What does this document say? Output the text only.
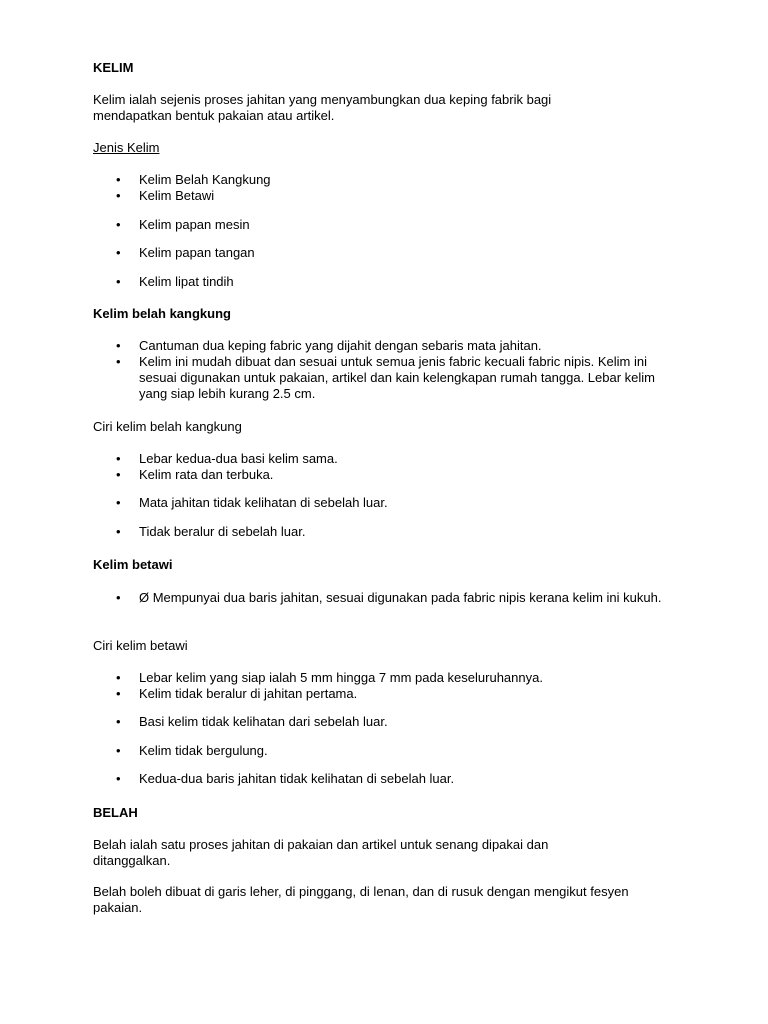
KELIM

Kelim ialah sejenis proses jahitan yang menyambungkan dua keping fabrik bagi mendapatkan bentuk pakaian atau artikel.

Jenis Kelim

• Kelim Belah Kangkung

• Kelim Betawi

• Kelim papan mesin

• Kelim papan tangan

• Kelim lipat tindih

Kelim belah kangkung

• Cantuman dua keping fabric yang dijahit dengan sebaris mata jahitan.

• Kelim ini mudah dibuat dan sesuai untuk semua jenis fabric kecuali fabric nipis. Kelim ini sesuai digunakan untuk pakaian, artikel dan kain kelengkapan rumah tangga. Lebar kelim yang siap lebih kurang 2.5 cm.

Ciri kelim belah kangkung

• Lebar kedua-dua basi kelim sama.

• Kelim rata dan terbuka.

• Mata jahitan tidak kelihatan di sebelah luar.

• Tidak beralur di sebelah luar.

Kelim betawi

• Ø Mempunyai dua baris jahitan, sesuai digunakan pada fabric nipis kerana kelim ini kukuh.

Ciri kelim betawi

• Lebar kelim yang siap ialah 5 mm hingga 7 mm pada keseluruhannya.

• Kelim tidak beralur di jahitan pertama.

• Basi kelim tidak kelihatan dari sebelah luar.

• Kelim tidak bergulung.

• Kedua-dua baris jahitan tidak kelihatan di sebelah luar.

BELAH

Belah ialah satu proses jahitan di pakaian dan artikel untuk senang dipakai dan ditanggalkan.

Belah boleh dibuat di garis leher, di pinggang, di lenan, dan di rusuk dengan mengikut fesyen pakaian.
